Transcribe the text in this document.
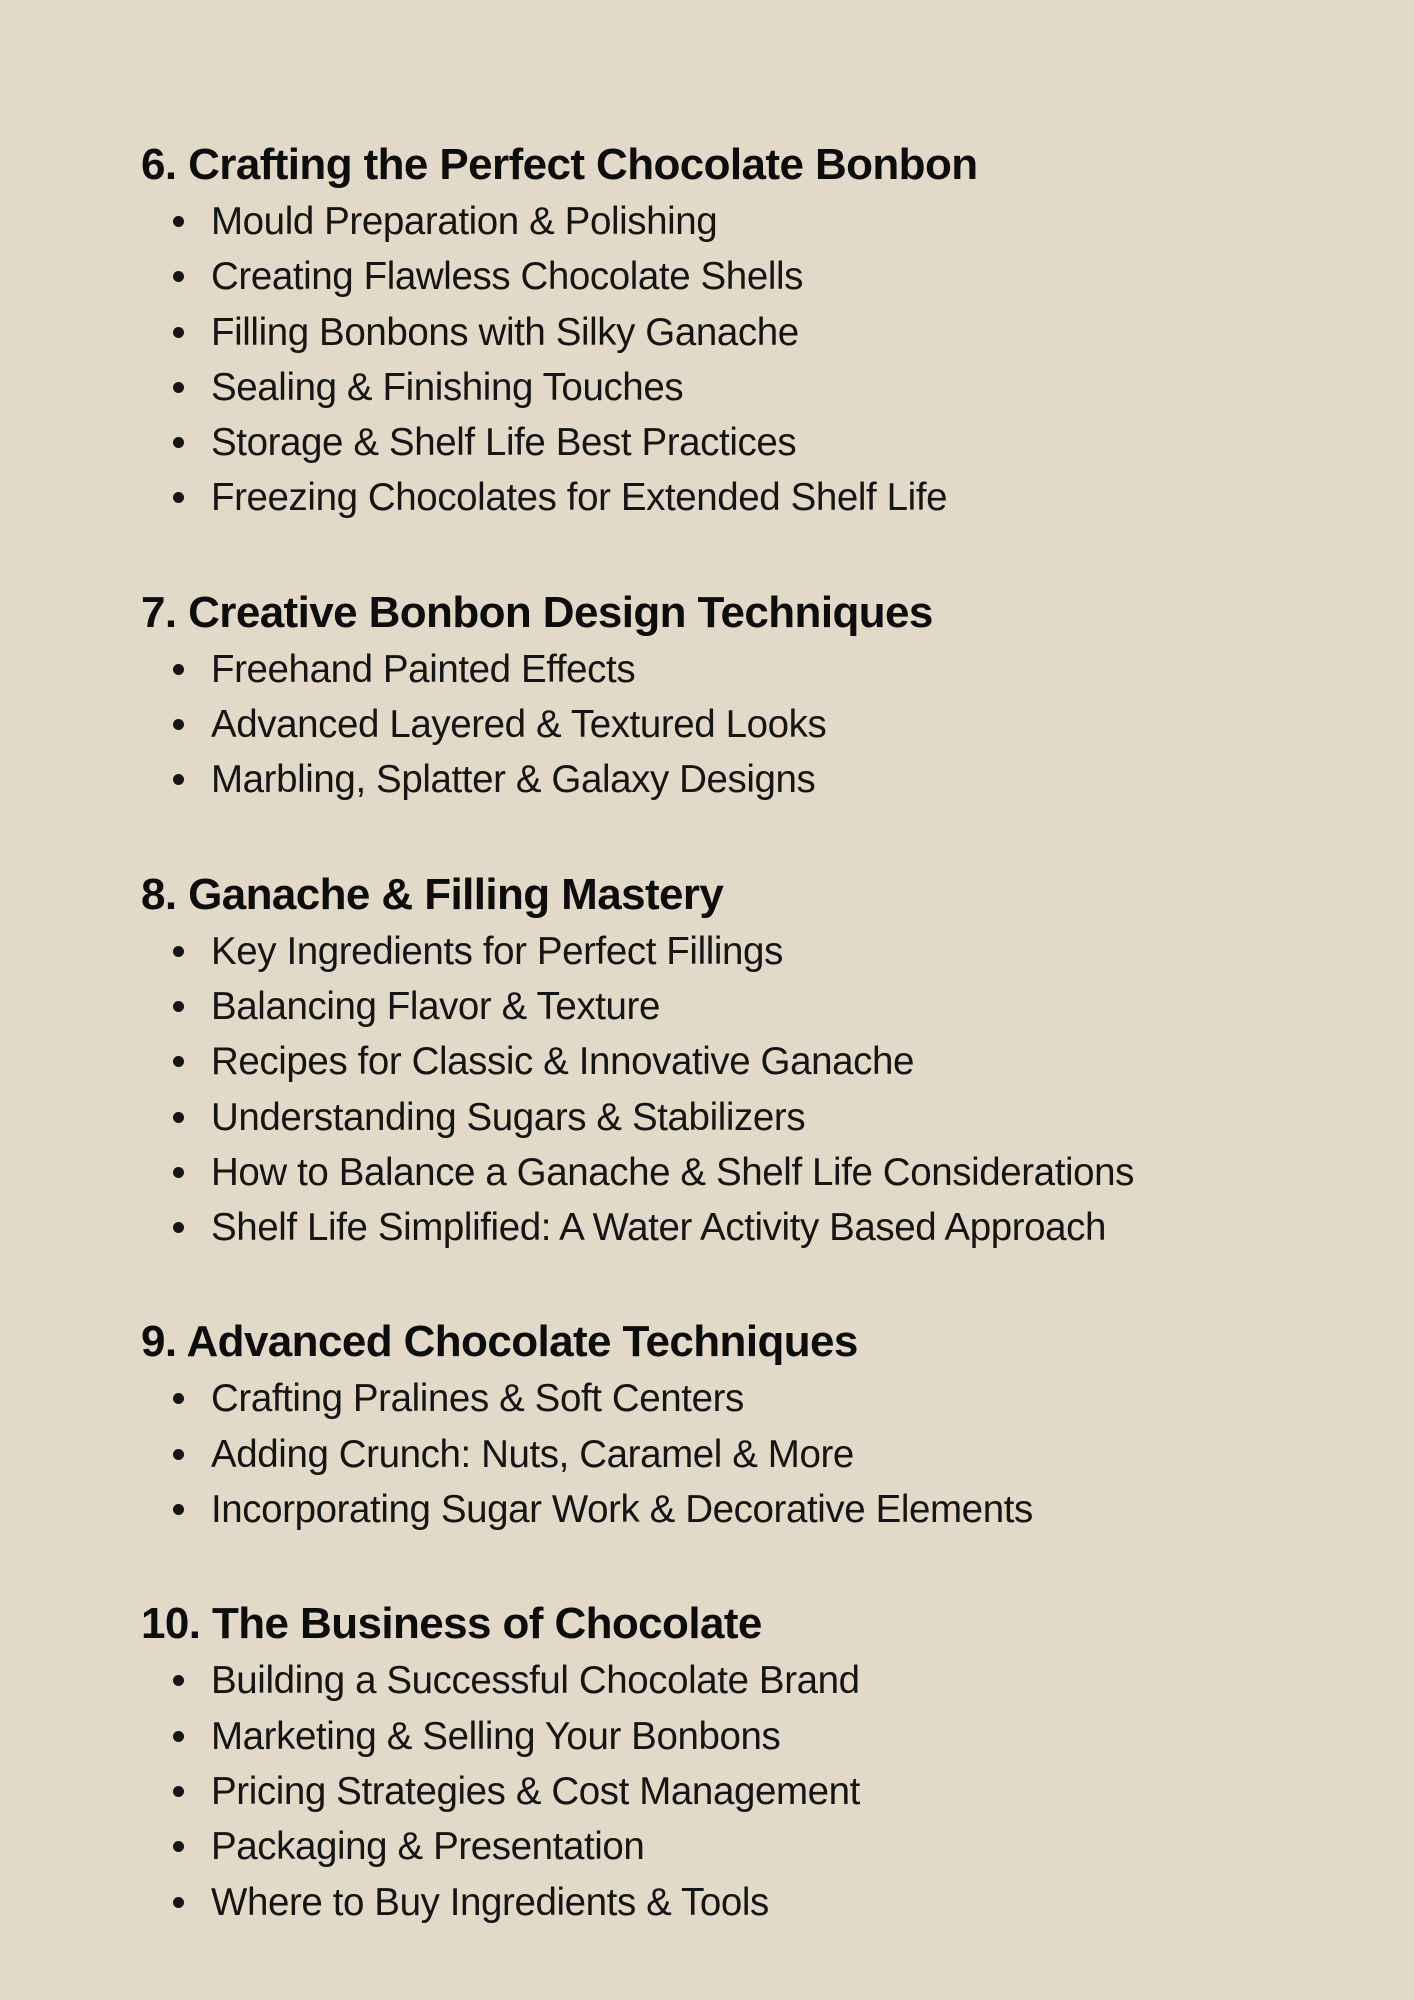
6. Crafting the Perfect Chocolate Bonbon
Mould Preparation & Polishing
Creating Flawless Chocolate Shells
Filling Bonbons with Silky Ganache
Sealing & Finishing Touches
Storage & Shelf Life Best Practices
Freezing Chocolates for Extended Shelf Life
7. Creative Bonbon Design Techniques
Freehand Painted Effects
Advanced Layered & Textured Looks
Marbling, Splatter & Galaxy Designs
8. Ganache & Filling Mastery
Key Ingredients for Perfect Fillings
Balancing Flavor & Texture
Recipes for Classic & Innovative Ganache
Understanding Sugars & Stabilizers
How to Balance a Ganache & Shelf Life Considerations
Shelf Life Simplified: A Water Activity Based Approach
9. Advanced Chocolate Techniques
Crafting Pralines & Soft Centers
Adding Crunch: Nuts, Caramel & More
Incorporating Sugar Work & Decorative Elements
10. The Business of Chocolate
Building a Successful Chocolate Brand
Marketing & Selling Your Bonbons
Pricing Strategies & Cost Management
Packaging & Presentation
Where to Buy Ingredients & Tools
